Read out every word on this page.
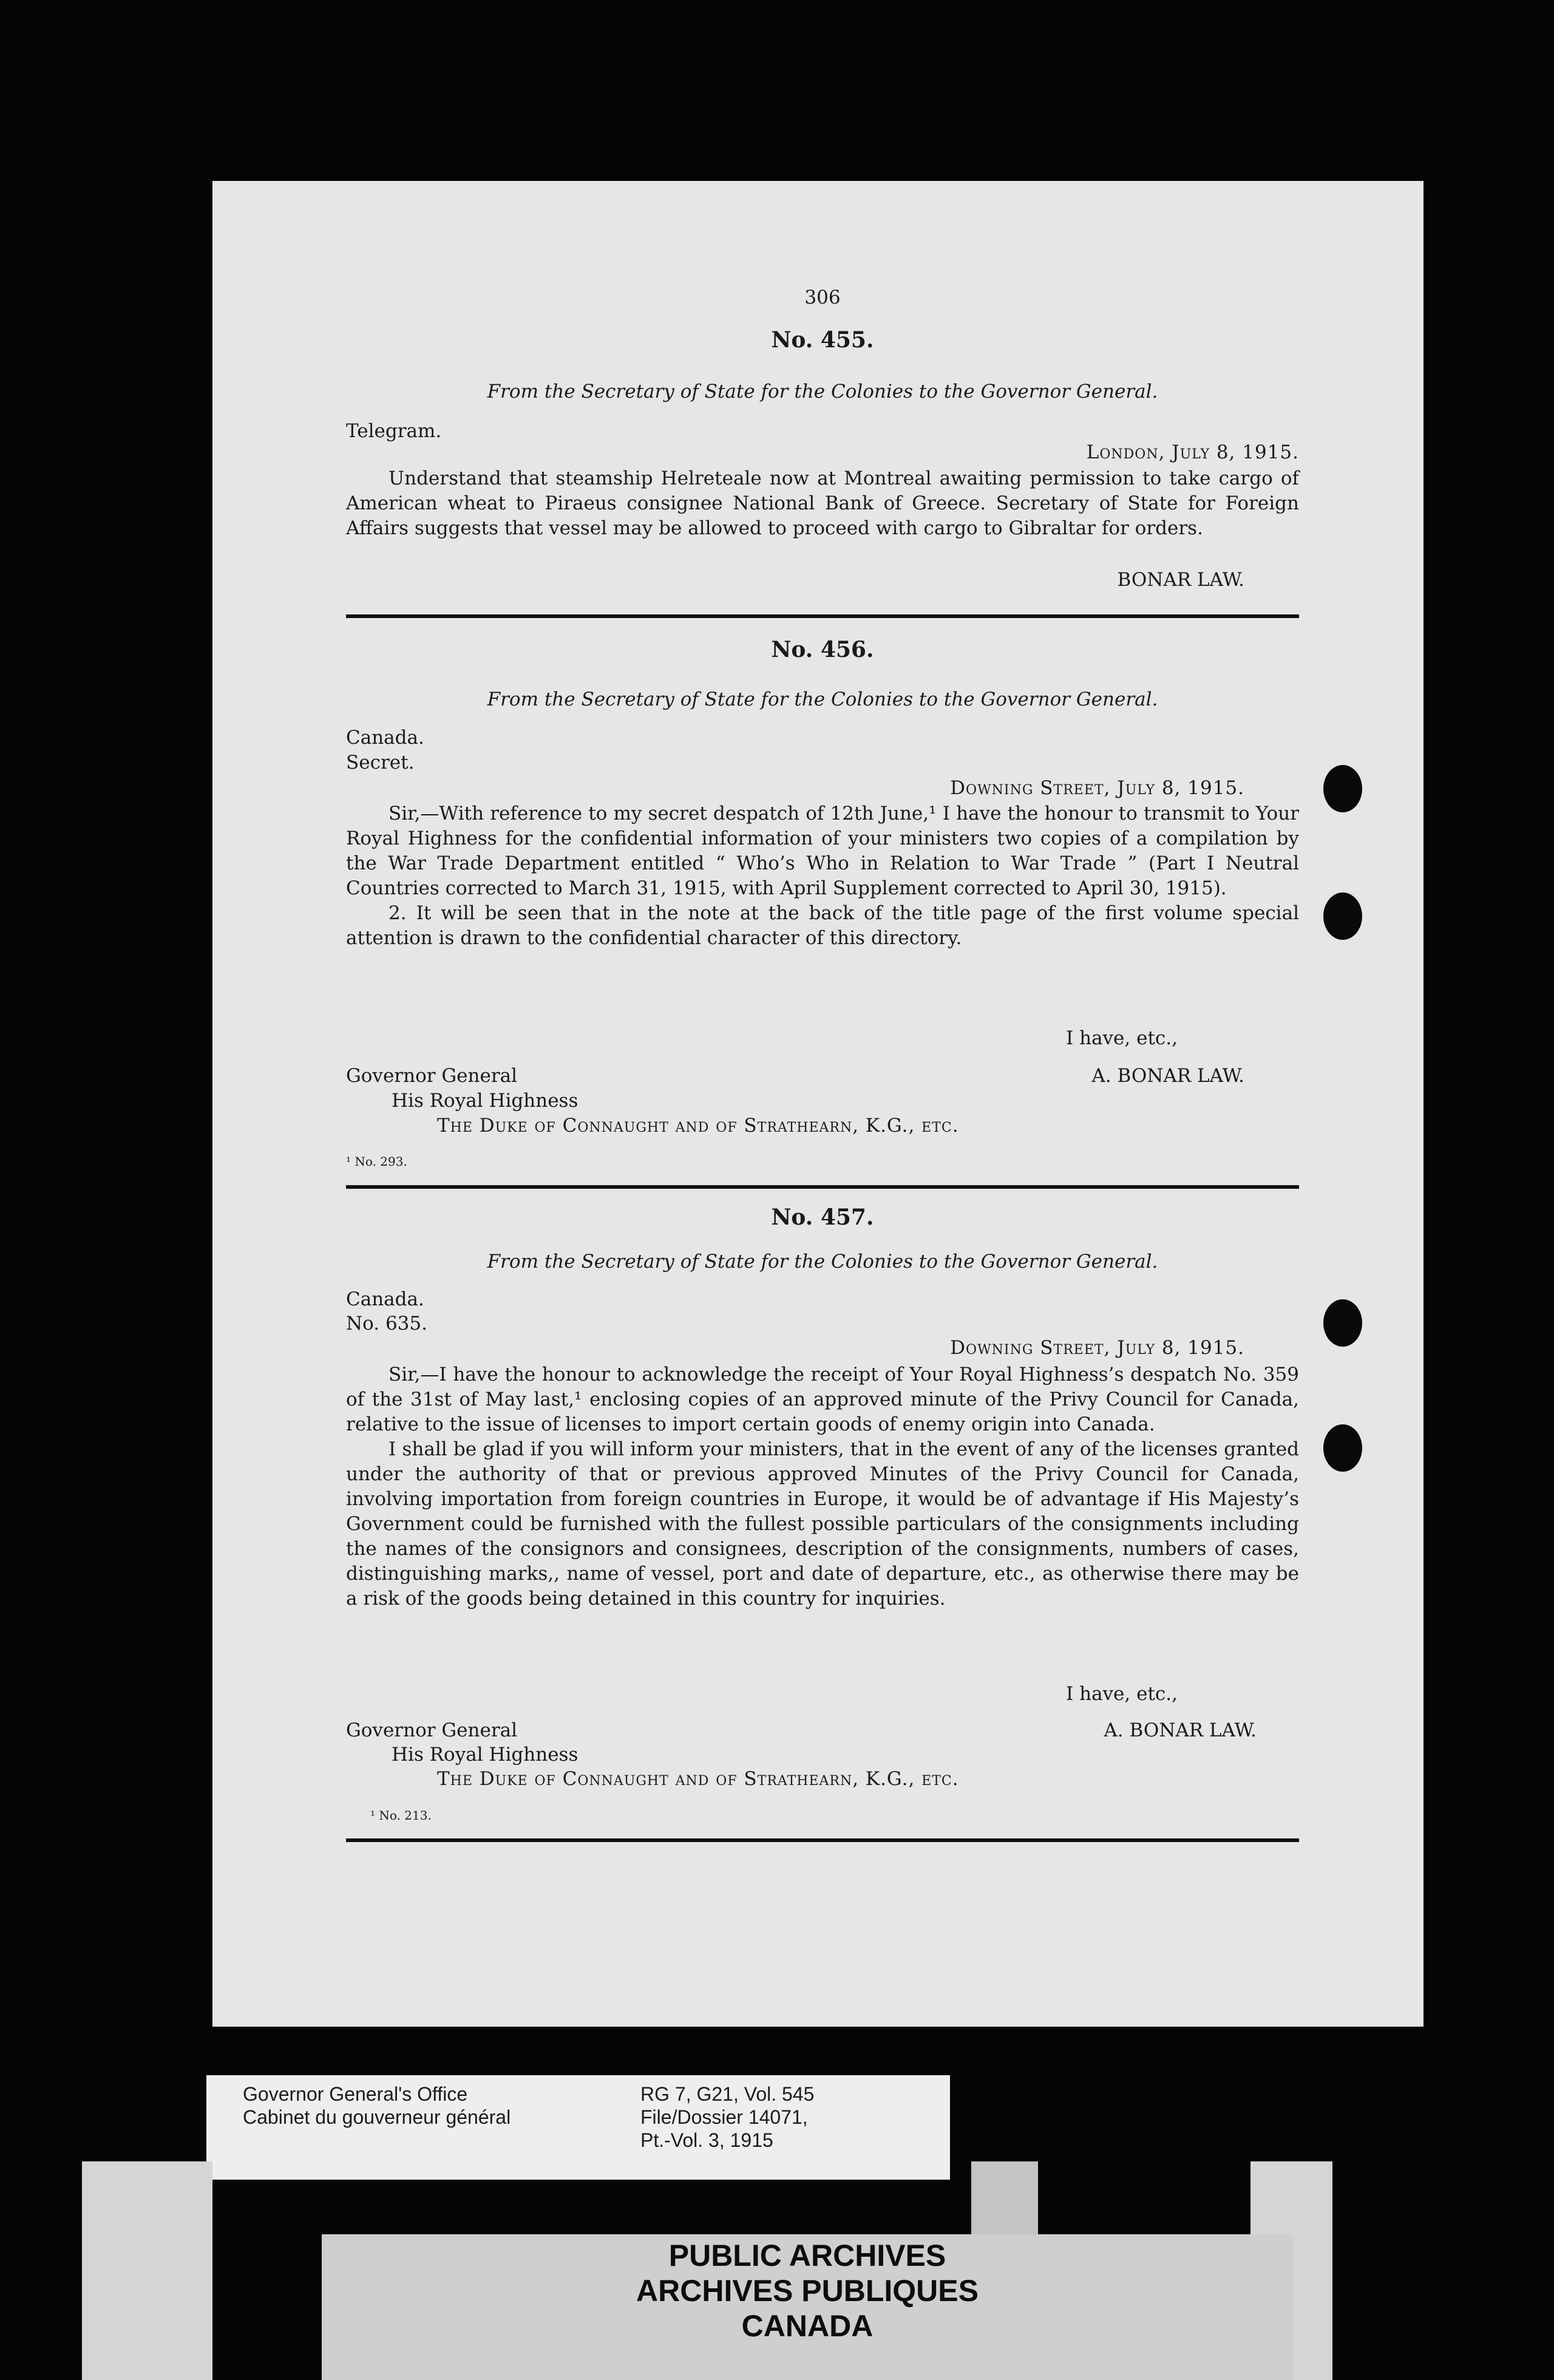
306
No. 455.
From the Secretary of State for the Colonies to the Governor General.
Telegram.
London, July 8, 1915.

Understand that steamship Helreteale now at Montreal awaiting permission to take cargo of American wheat to Piraeus consignee National Bank of Greece. Secretary of State for Foreign Affairs suggests that vessel may be allowed to proceed with cargo to Gibraltar for orders.

BONAR LAW.
No. 456.
From the Secretary of State for the Colonies to the Governor General.
Canada.
Secret.
Downing Street, July 8, 1915.

Sir,—With reference to my secret despatch of 12th June,¹ I have the honour to transmit to Your Royal Highness for the confidential information of your ministers two copies of a compilation by the War Trade Department entitled “ Who’s Who in Relation to War Trade ” (Part I Neutral Countries corrected to March 31, 1915, with April Supplement corrected to April 30, 1915).

2. It will be seen that in the note at the back of the title page of the first volume special attention is drawn to the confidential character of this directory.

I have, etc.,
Governor General	A. BONAR LAW.
His Royal Highness
The Duke of Connaught and of Strathearn, K.G., etc.
¹ No. 293.
No. 457.
From the Secretary of State for the Colonies to the Governor General.
Canada.
No. 635.
Downing Street, July 8, 1915.

Sir,—I have the honour to acknowledge the receipt of Your Royal Highness’s despatch No. 359 of the 31st of May last,¹ enclosing copies of an approved minute of the Privy Council for Canada, relative to the issue of licenses to import certain goods of enemy origin into Canada.

I shall be glad if you will inform your ministers, that in the event of any of the licenses granted under the authority of that or previous approved Minutes of the Privy Council for Canada, involving importation from foreign countries in Europe, it would be of advantage if His Majesty’s Government could be furnished with the fullest possible particulars of the consignments including the names of the consignors and consignees, description of the consignments, numbers of cases, distinguishing marks,, name of vessel, port and date of departure, etc., as otherwise there may be a risk of the goods being detained in this country for inquiries.

I have, etc.,
Governor General	A. BONAR LAW.
His Royal Highness
The Duke of Connaught and of Strathearn, K.G., etc.
¹ No. 213.
Governor General's Office
Cabinet du gouverneur général
RG 7, G21, Vol. 545
File/Dossier 14071,
Pt.-Vol. 3, 1915
PUBLIC ARCHIVES
ARCHIVES PUBLIQUES
CANADA
